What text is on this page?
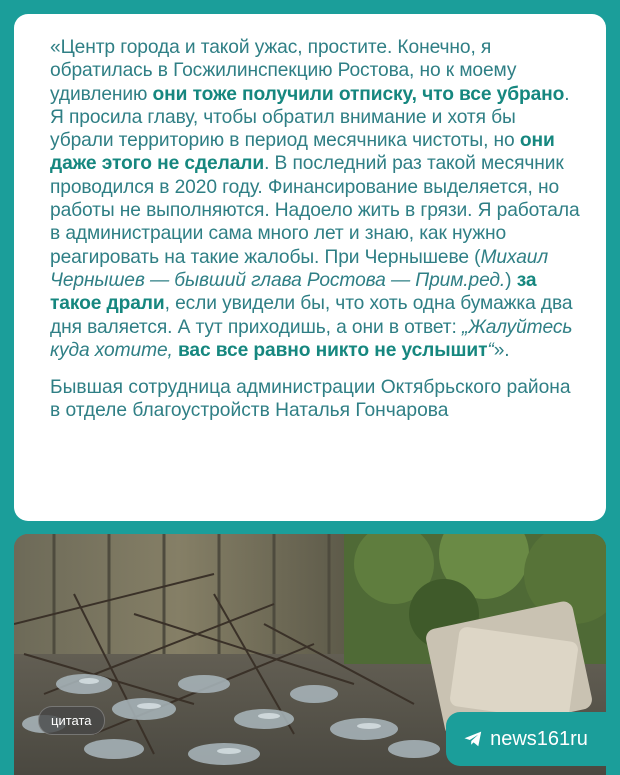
«Центр города и такой ужас, простите. Конечно, я обратилась в Госжилинспекцию Ростова, но к моему удивлению они тоже получили отписку, что все убрано. Я просила главу, чтобы обратил внимание и хотя бы убрали территорию в период месячника чистоты, но они даже этого не сделали. В последний раз такой месячник проводился в 2020 году. Финансирование выделяется, но работы не выполняются. Надоело жить в грязи. Я работала в администрации сама много лет и знаю, как нужно реагировать на такие жалобы. При Чернышеве (Михаил Чернышев — бывший глава Ростова — Прим.ред.) за такое драли, если увидели бы, что хоть одна бумажка два дня валяется. А тут приходишь, а они в ответ: „Жалуйтесь куда хотите, вас все равно никто не услышит“».

Бывшая сотрудница администрации Октябрьского района в отделе благоустройств Наталья Гончарова
цитата
news161ru
